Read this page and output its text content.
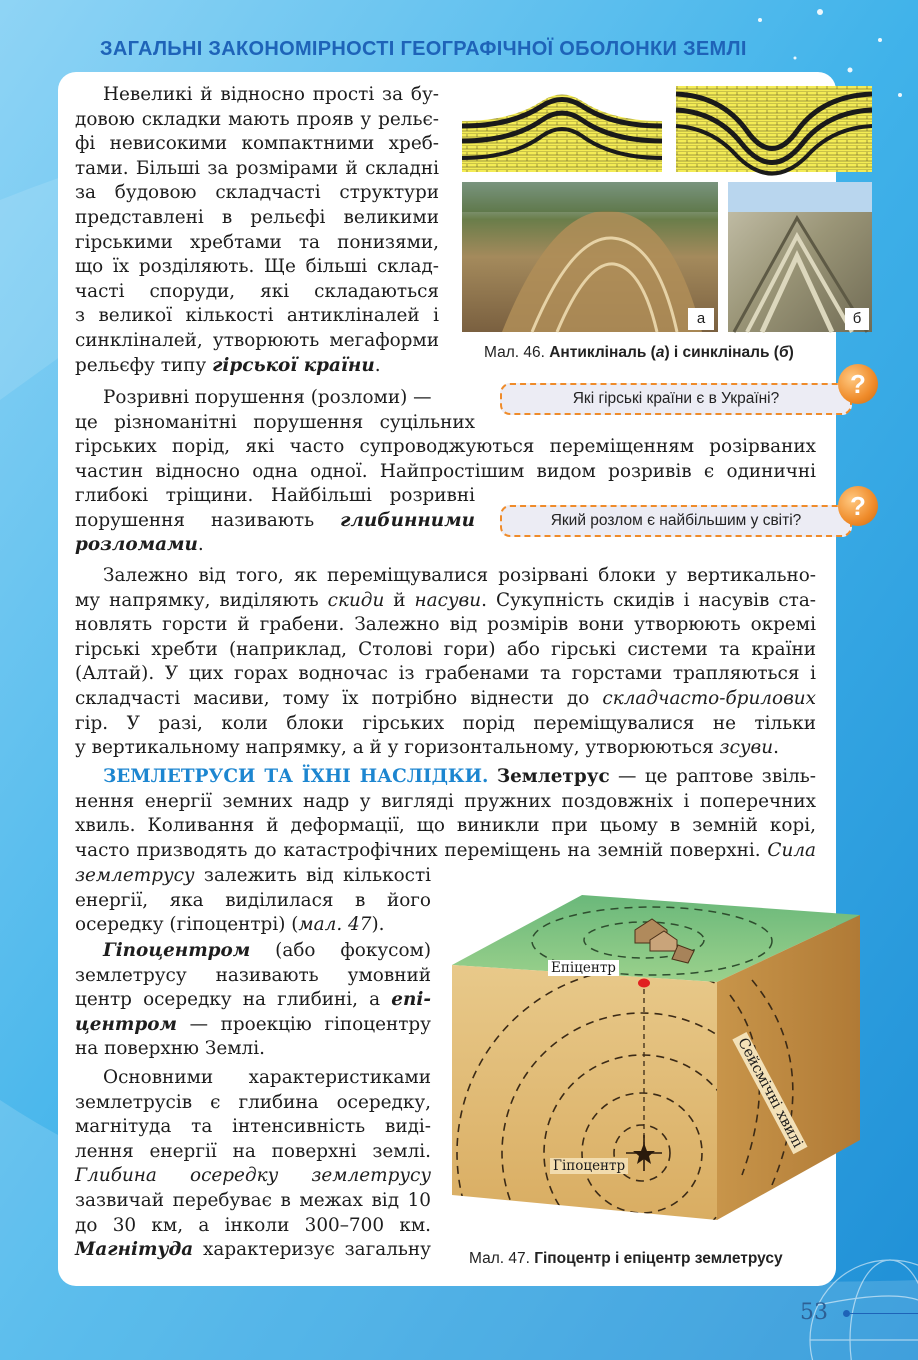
ЗАГАЛЬНІ ЗАКОНОМІРНОСТІ ГЕОГРАФІЧНОЇ ОБОЛОНКИ ЗЕМЛІ
а	б
Мал. 46. Антикліналь (а) і синкліналь (б)
Які гірські країни є в Україні?	?
Який розлом є найбільшим у світі?	?

Невеликі й відносно прості за бу-

довою складки мають прояв у рельє-

фі невисокими компактними хреб-

тами. Більші за розмірами й складні

за будовою складчасті структури

представлені в рельєфі великими

гірськими хребтами та понизями,

що їх розділяють. Ще більші склад-

часті споруди, які складаються

з великої кількості антикліналей і

синкліналей, утворюють мегаформи

рельєфу типу гірської країни.

Розривні порушення (розломи) —

це різноманітні порушення суцільних

гірських порід, які часто супроводжуються переміщенням розірваних

частин відносно одна одної. Найпростішим видом розривів є одиничні

глибокі тріщини. Найбільші розривні

порушення називають глибинними

розломами.

Залежно від того, як переміщувалися розірвані блоки у вертикально-

му напрямку, виділяють скиди й насуви. Сукупність скидів і насувів ста-

новлять горсти й грабени. Залежно від розмірів вони утворюють окремі

гірські хребти (наприклад, Столові гори) або гірські системи та країни

(Алтай). У цих горах водночас із грабенами та горстами трапляються і

складчасті масиви, тому їх потрібно віднести до складчасто-брилових

гір. У разі, коли блоки гірських порід переміщувалися не тільки

у вертикальному напрямку, а й у горизонтальному, утворюються зсуви.

ЗЕМЛЕТРУСИ ТА ЇХНІ НАСЛІДКИ. Землетрус — це раптове звіль-

нення енергії земних надр у вигляді пружних поздовжніх і поперечних

хвиль. Коливання й деформації, що виникли при цьому в земній корі,

часто призводять до катастрофічних переміщень на земній поверхні. Сила

землетрусу залежить від кількості

енергії, яка виділилася в його

осередку (гіпоцентрі) (мал. 47).

Гіпоцентром (або фокусом)

землетрусу називають умовний

центр осередку на глибині, а епі-

центром — проекцію гіпоцентру

на поверхню Землі.

Основними характеристиками

землетрусів є глибина осередку,

магнітуда та інтенсивність виді-

лення енергії на поверхні землі.

Глибина осередку землетрусу

зазвичай перебуває в межах від 10

до 30 км, а інколи 300–700 км.

Магнітуда характеризує загальну

Епіцентр
Гіпоцентр
Сейсмічні хвилі
Мал. 47. Гіпоцентр і епіцентр землетрусу
53
